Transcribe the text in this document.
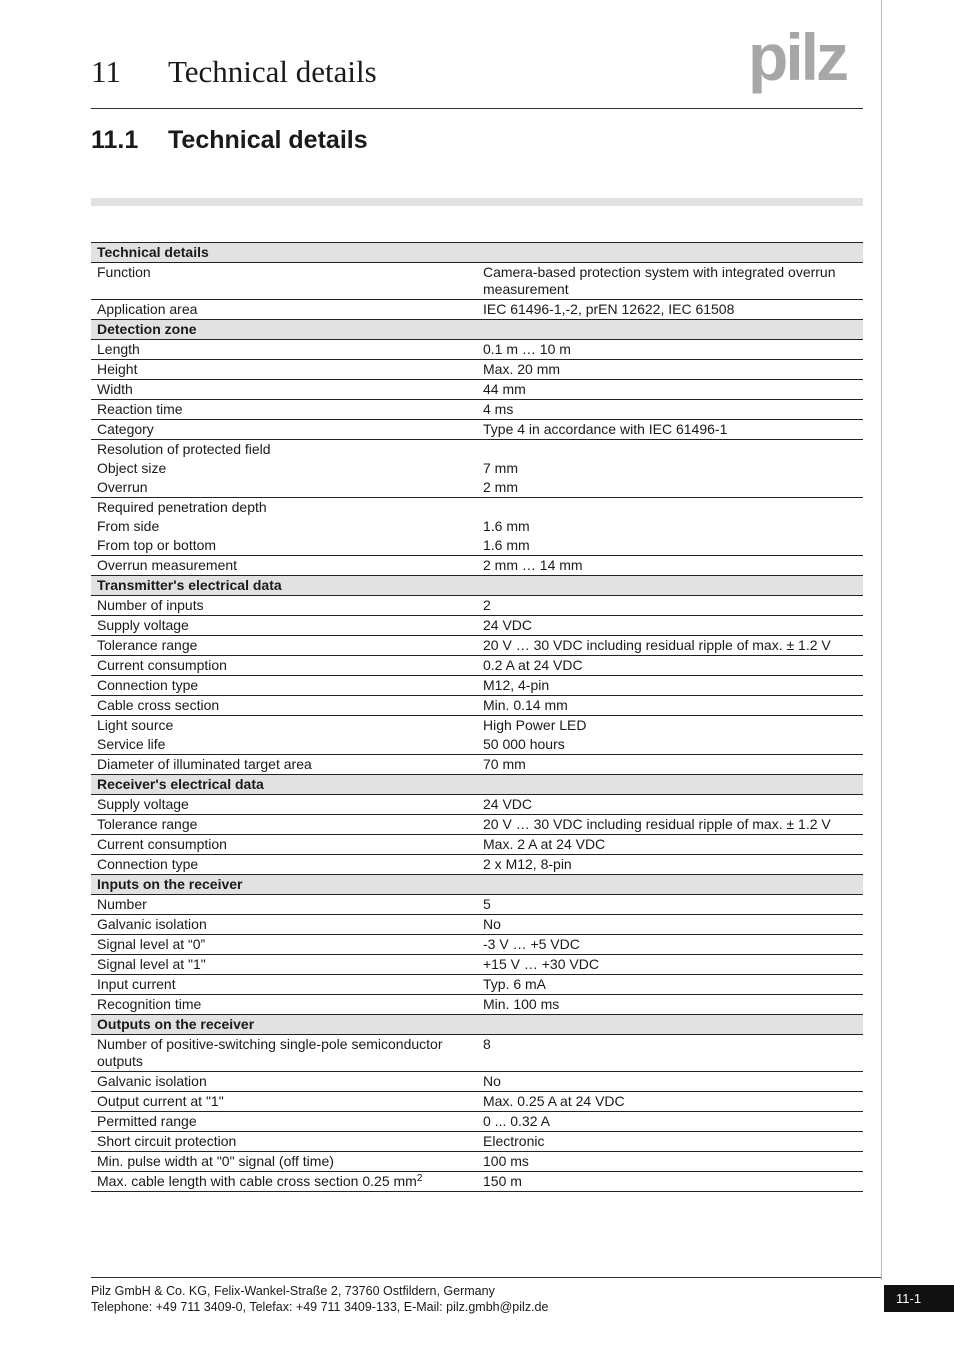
11 Technical details	pilz
11.1 Technical details
Technical details	
Function	Camera-based protection system with integrated overrun measurement
Application area	IEC 61496-1,-2, prEN 12622, IEC 61508
Detection zone	
Length	0.1 m … 10 m
Height	Max. 20 mm
Width	44 mm
Reaction time	4 ms
Category	Type 4 in accordance with IEC 61496-1
Resolution of protected field	
Object size	7 mm
Overrun	2 mm
Required penetration depth	
From side	1.6 mm
From top or bottom	1.6 mm
Overrun measurement	2 mm … 14 mm
Transmitter's electrical data	
Number of inputs	2
Supply voltage	24 VDC
Tolerance range	20 V … 30 VDC including residual ripple of max. ± 1.2 V
Current consumption	0.2 A at 24 VDC
Connection type	M12, 4-pin
Cable cross section	Min. 0.14 mm
Light source	High Power LED
Service life	50 000 hours
Diameter of illuminated target area	70 mm
Receiver's electrical data	
Supply voltage	24 VDC
Tolerance range	20 V … 30 VDC including residual ripple of max. ± 1.2 V
Current consumption	Max. 2 A at 24 VDC
Connection type	2 x M12, 8-pin
Inputs on the receiver	
Number	5
Galvanic isolation	No
Signal level at “0”	-3 V … +5 VDC
Signal level at "1"	+15 V … +30 VDC
Input current	Typ. 6 mA
Recognition time	Min. 100 ms
Outputs on the receiver	
Number of positive-switching single-pole semiconductor outputs	8
Galvanic isolation	No
Output current at "1"	Max. 0.25 A at 24 VDC
Permitted range	0 ... 0.32 A
Short circuit protection	Electronic
Min. pulse width at "0" signal (off time)	100 ms
Max. cable length with cable cross section 0.25 $mm^2$	150 m
Pilz GmbH & Co. KG, Felix-Wankel-Straße 2, 73760 Ostfildern, Germany
Telephone: +49 711 3409-0, Telefax: +49 711 3409-133, E-Mail: pilz.gmbh@pilz.de
11-1
